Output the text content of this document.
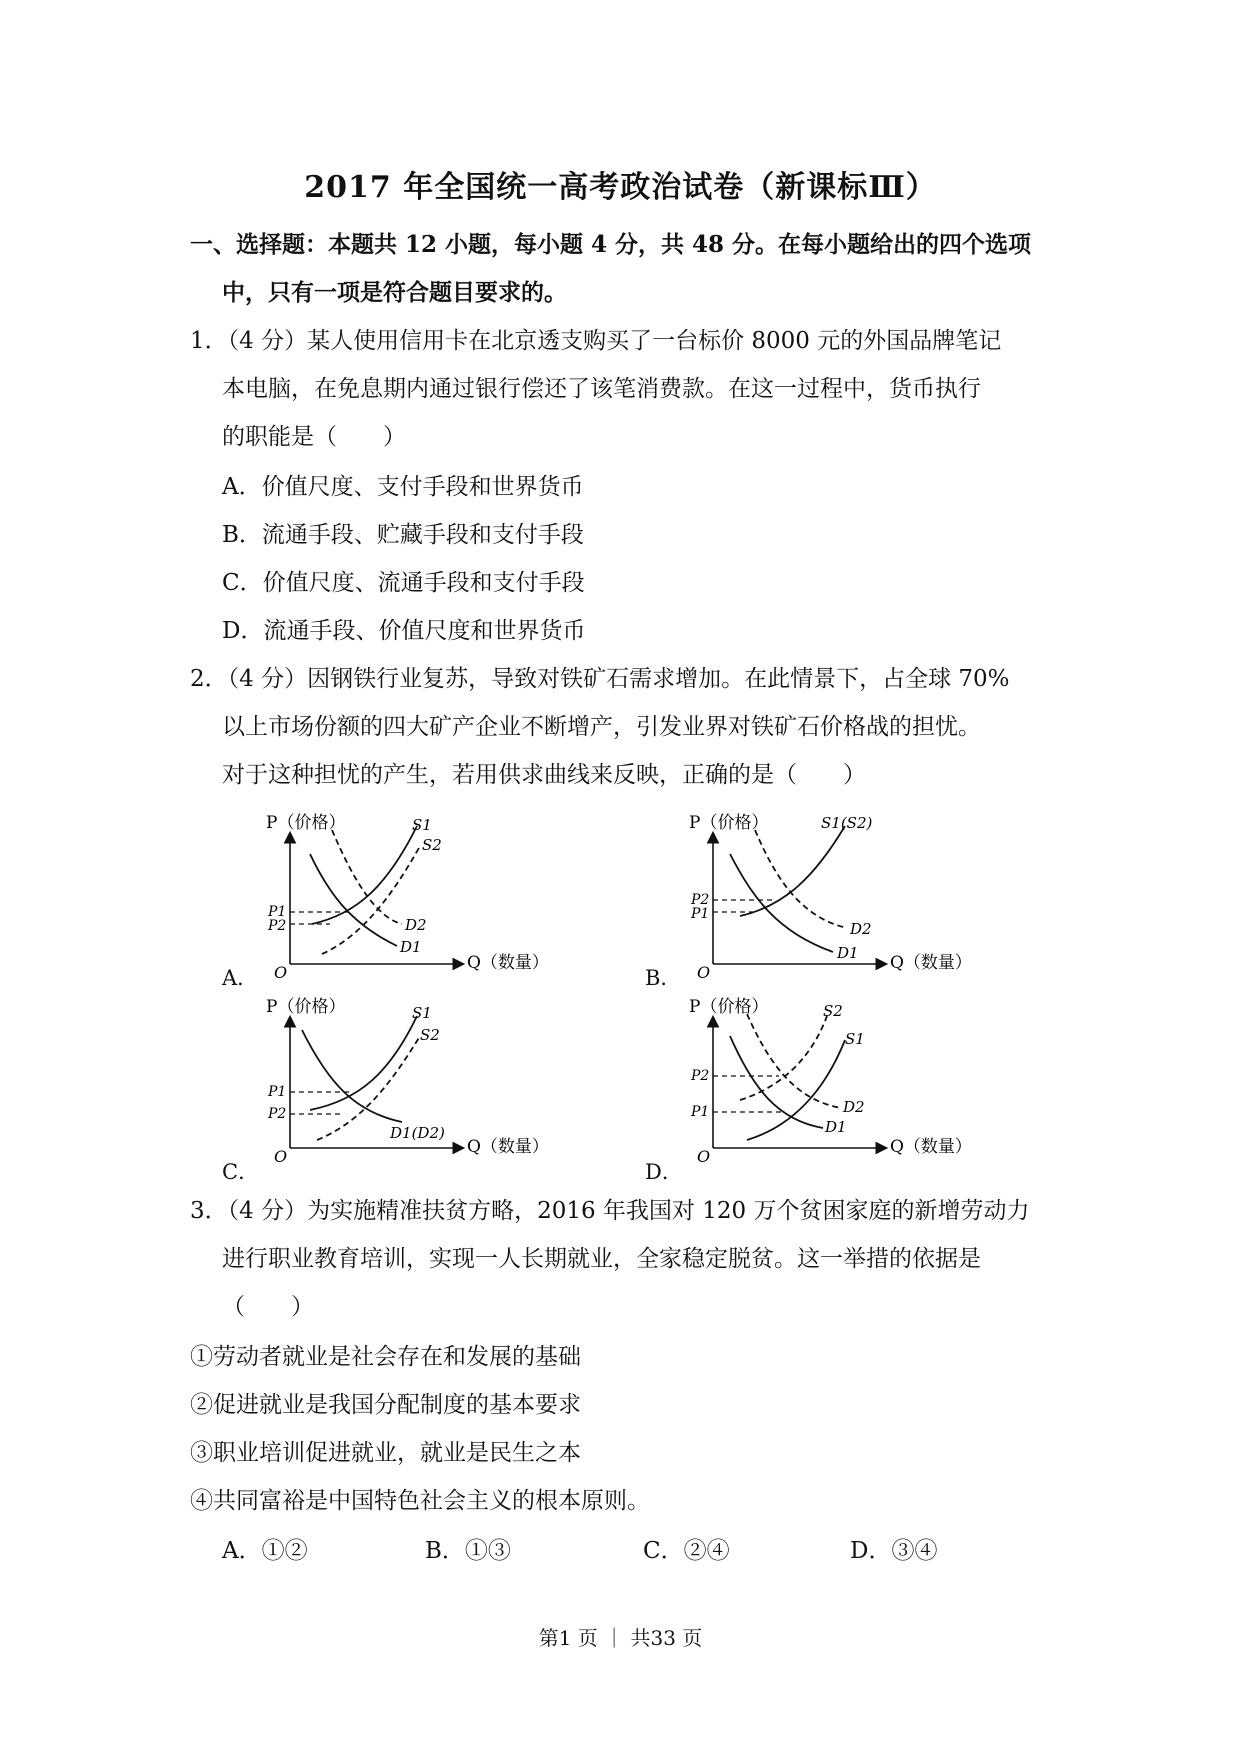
2017 年全国统一高考政治试卷（新课标Ⅲ）
一、选择题：本题共 12 小题，每小题 4 分，共 48 分。在每小题给出的四个选项
中，只有一项是符合题目要求的。
1．（4 分）某人使用信用卡在北京透支购买了一台标价 8000 元的外国品牌笔记
本电脑，在免息期内通过银行偿还了该笔消费款。在这一过程中，货币执行
的职能是（　　）
A．价值尺度、支付手段和世界货币
B．流通手段、贮藏手段和支付手段
C．价值尺度、流通手段和支付手段
D．流通手段、价值尺度和世界货币
2．（4 分）因钢铁行业复苏，导致对铁矿石需求增加。在此情景下，占全球 70%
以上市场份额的四大矿产企业不断增产，引发业界对铁矿石价格战的担忧。
对于这种担忧的产生，若用供求曲线来反映，正确的是（　　）
A．
P（价格）
Q（数量）
O
S1
S2
D1
D2
P1
P2
B．
P（价格）
Q（数量）
O
S1(S2)
D1
D2
P2
P1
C．
P（价格）
Q（数量）
O
S1
S2
D1(D2)
P1
P2
D．
P（价格）
Q（数量）
O
S2
S1
D1
D2
P2
P1
3．（4 分）为实施精准扶贫方略，2016 年我国对 120 万个贫困家庭的新增劳动力
进行职业教育培训，实现一人长期就业，全家稳定脱贫。这一举措的依据是
（　　）
①劳动者就业是社会存在和发展的基础
②促进就业是我国分配制度的基本要求
③职业培训促进就业，就业是民生之本
④共同富裕是中国特色社会主义的根本原则。
A．①②	B．①③	C．②④	D．③④
第1 页 ｜ 共33 页
